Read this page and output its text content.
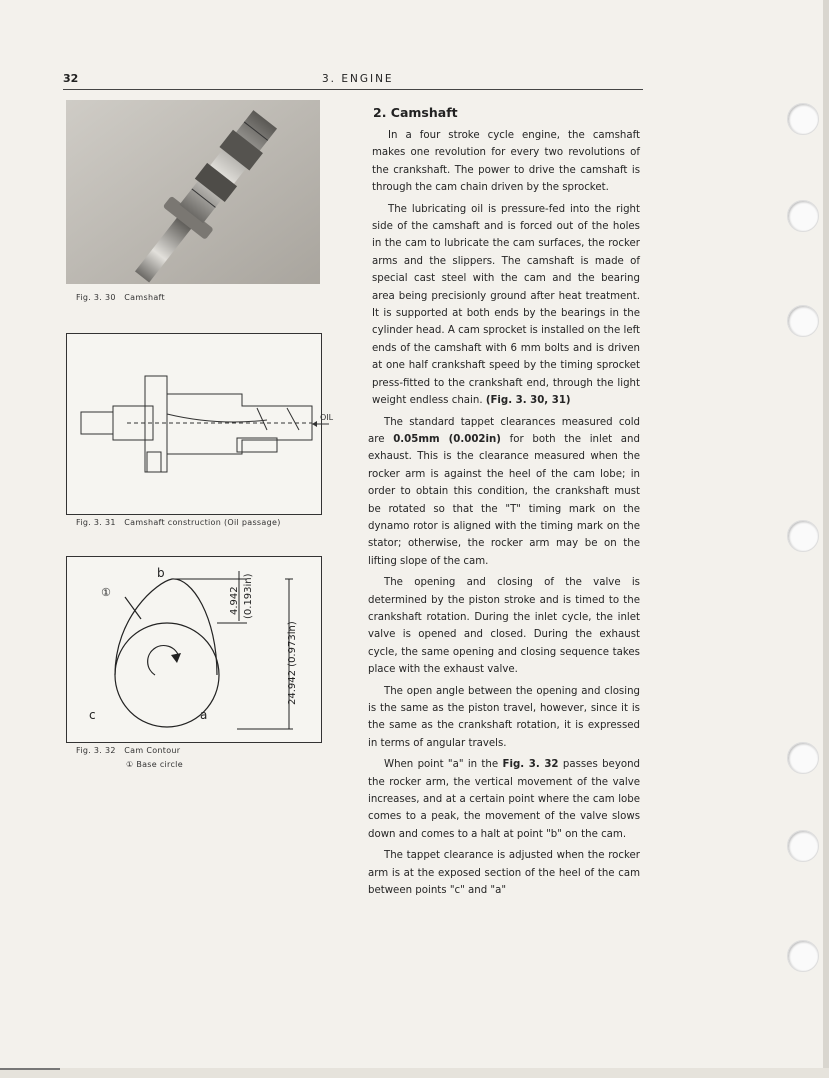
32	3. ENGINE
Fig. 3. 30 Camshaft
OIL
Fig. 3. 31 Camshaft construction (Oil passage)
①
b
a
c
4.942 (0.193in)
24.942 (0.973in)
Fig. 3. 32 Cam Contour
① Base circle
2. Camshaft

In a four stroke cycle engine, the camshaft makes one revolution for every two revolutions of the crankshaft. The power to drive the camshaft is through the cam chain driven by the sprocket.

The lubricating oil is pressure-fed into the right side of the camshaft and is forced out of the holes in the cam to lubricate the cam surfaces, the rocker arms and the slippers. The camshaft is made of special cast steel with the cam and the bearing area being precisionly ground after heat treatment. It is supported at both ends by the bearings in the cylinder head. A cam sprocket is installed on the left ends of the camshaft with 6 mm bolts and is driven at one half crankshaft speed by the timing sprocket press-fitted to the crankshaft end, through the light weight endless chain. (Fig. 3. 30, 31)

The standard tappet clearances measured cold are 0.05mm (0.002in) for both the inlet and exhaust. This is the clearance measured when the rocker arm is against the heel of the cam lobe; in order to obtain this condition, the crankshaft must be rotated so that the "T" timing mark on the dynamo rotor is aligned with the timing mark on the stator; otherwise, the rocker arm may be on the lifting slope of the cam.

The opening and closing of the valve is determined by the piston stroke and is timed to the crankshaft rotation. During the inlet cycle, the inlet valve is opened and closed. During the exhaust cycle, the same opening and closing sequence takes place with the exhaust valve.

The open angle between the opening and closing is the same as the piston travel, however, since it is the same as the crankshaft rotation, it is expressed in terms of angular travels.

When point "a" in the Fig. 3. 32 passes beyond the rocker arm, the vertical movement of the valve increases, and at a certain point where the cam lobe comes to a peak, the movement of the valve slows down and comes to a halt at point "b" on the cam.

The tappet clearance is adjusted when the rocker arm is at the exposed section of the heel of the cam between points "c" and "a"
